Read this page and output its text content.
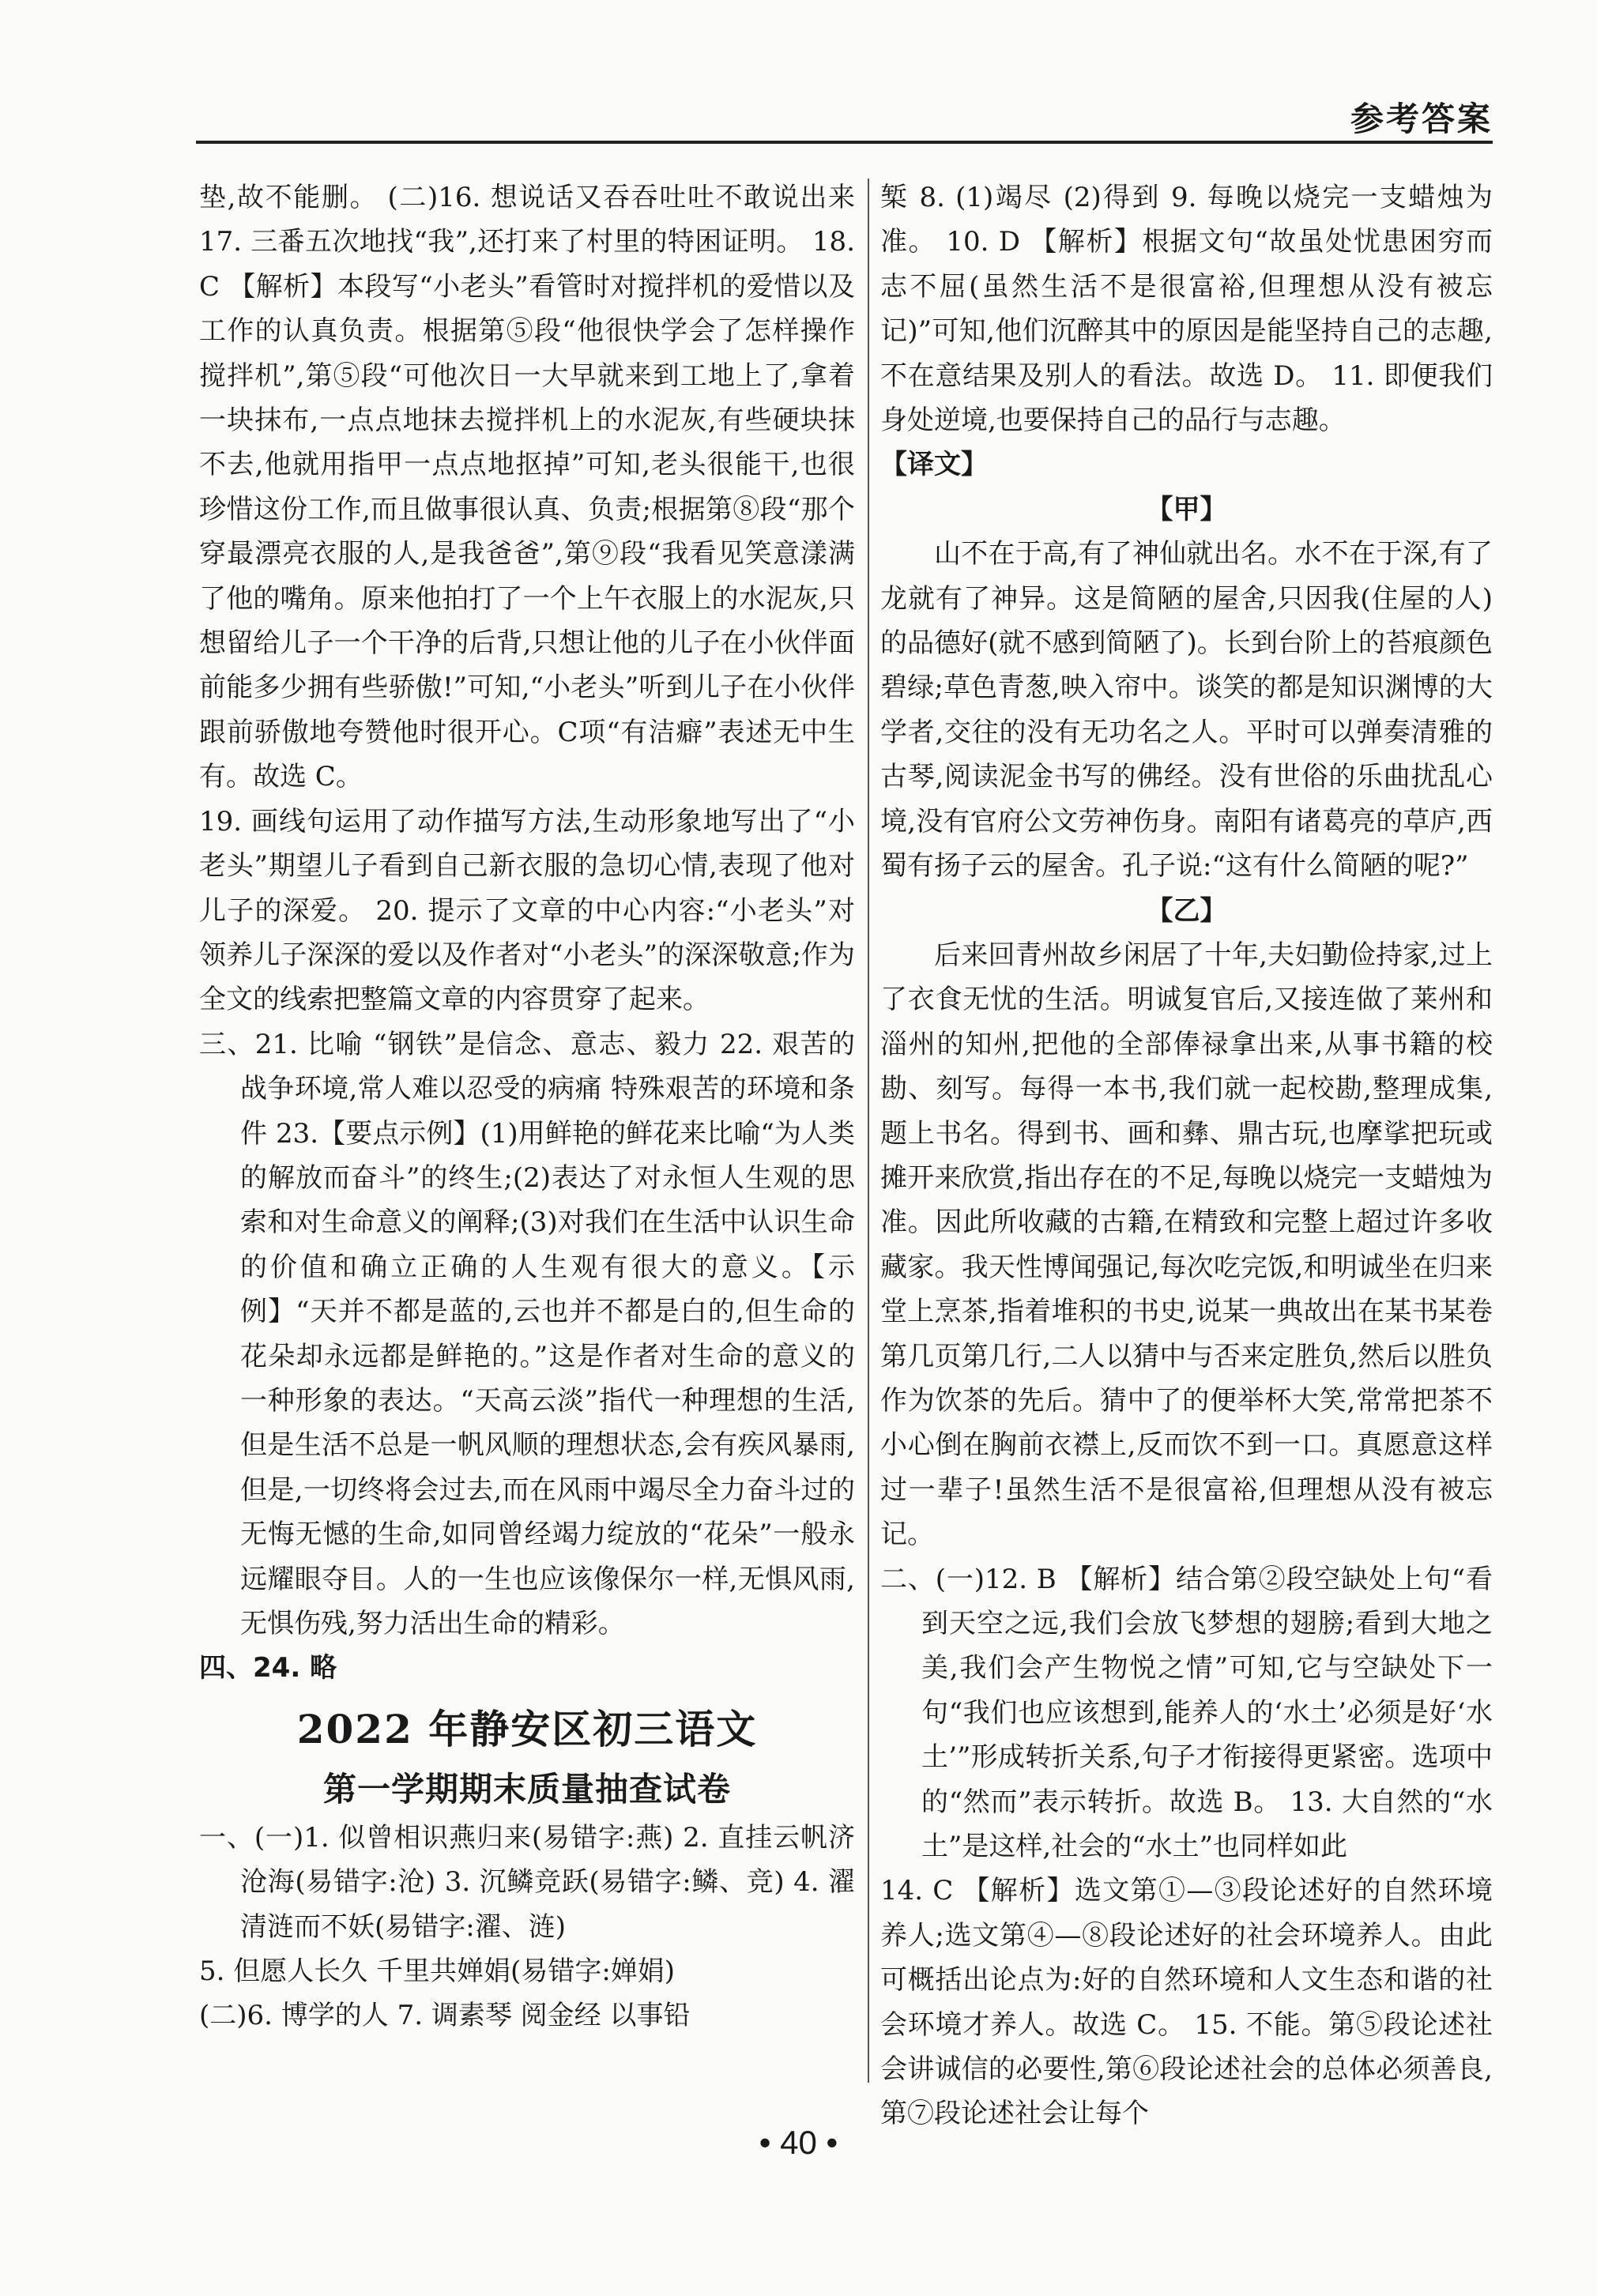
参考答案

垫,故不能删。 (二)16. 想说话又吞吞吐吐不敢说出来 17. 三番五次地找“我”,还打来了村里的特困证明。 18. C 【解析】本段写“小老头”看管时对搅拌机的爱惜以及工作的认真负责。根据第⑤段“他很快学会了怎样操作搅拌机”,第⑤段“可他次日一大早就来到工地上了,拿着一块抹布,一点点地抹去搅拌机上的水泥灰,有些硬块抹不去,他就用指甲一点点地抠掉”可知,老头很能干,也很珍惜这份工作,而且做事很认真、负责;根据第⑧段“那个穿最漂亮衣服的人,是我爸爸”,第⑨段“我看见笑意漾满了他的嘴角。原来他拍打了一个上午衣服上的水泥灰,只想留给儿子一个干净的后背,只想让他的儿子在小伙伴面前能多少拥有些骄傲!”可知,“小老头”听到儿子在小伙伴跟前骄傲地夸赞他时很开心。C项“有洁癖”表述无中生有。故选 C。

19. 画线句运用了动作描写方法,生动形象地写出了“小老头”期望儿子看到自己新衣服的急切心情,表现了他对儿子的深爱。 20. 提示了文章的中心内容:“小老头”对领养儿子深深的爱以及作者对“小老头”的深深敬意;作为全文的线索把整篇文章的内容贯穿了起来。

三、21. 比喻 “钢铁”是信念、意志、毅力 22. 艰苦的战争环境,常人难以忍受的病痛 特殊艰苦的环境和条件 23.【要点示例】(1)用鲜艳的鲜花来比喻“为人类的解放而奋斗”的终生;(2)表达了对永恒人生观的思索和对生命意义的阐释;(3)对我们在生活中认识生命的价值和确立正确的人生观有很大的意义。【示例】“天并不都是蓝的,云也并不都是白的,但生命的花朵却永远都是鲜艳的。”这是作者对生命的意义的一种形象的表达。“天高云淡”指代一种理想的生活,但是生活不总是一帆风顺的理想状态,会有疾风暴雨,但是,一切终将会过去,而在风雨中竭尽全力奋斗过的无悔无憾的生命,如同曾经竭力绽放的“花朵”一般永远耀眼夺目。人的一生也应该像保尔一样,无惧风雨,无惧伤残,努力活出生命的精彩。

四、24. 略

2022 年静安区初三语文
第一学期期末质量抽查试卷

一、(一)1. 似曾相识燕归来(易错字:燕) 2. 直挂云帆济沧海(易错字:沧) 3. 沉鳞竞跃(易错字:鳞、竞) 4. 濯清涟而不妖(易错字:濯、涟)

5. 但愿人长久 千里共婵娟(易错字:婵娟)

(二)6. 博学的人 7. 调素琴 阅金经 以事铅

椠 8. (1)竭尽 (2)得到 9. 每晚以烧完一支蜡烛为准。 10. D 【解析】根据文句“故虽处忧患困穷而志不屈(虽然生活不是很富裕,但理想从没有被忘记)”可知,他们沉醉其中的原因是能坚持自己的志趣,不在意结果及别人的看法。故选 D。 11. 即便我们身处逆境,也要保持自己的品行与志趣。

【译文】

【甲】

山不在于高,有了神仙就出名。水不在于深,有了龙就有了神异。这是简陋的屋舍,只因我(住屋的人)的品德好(就不感到简陋了)。长到台阶上的苔痕颜色碧绿;草色青葱,映入帘中。谈笑的都是知识渊博的大学者,交往的没有无功名之人。平时可以弹奏清雅的古琴,阅读泥金书写的佛经。没有世俗的乐曲扰乱心境,没有官府公文劳神伤身。南阳有诸葛亮的草庐,西蜀有扬子云的屋舍。孔子说:“这有什么简陋的呢?”

【乙】

后来回青州故乡闲居了十年,夫妇勤俭持家,过上了衣食无忧的生活。明诚复官后,又接连做了莱州和淄州的知州,把他的全部俸禄拿出来,从事书籍的校勘、刻写。每得一本书,我们就一起校勘,整理成集,题上书名。得到书、画和彝、鼎古玩,也摩挲把玩或摊开来欣赏,指出存在的不足,每晚以烧完一支蜡烛为准。因此所收藏的古籍,在精致和完整上超过许多收藏家。我天性博闻强记,每次吃完饭,和明诚坐在归来堂上烹茶,指着堆积的书史,说某一典故出在某书某卷第几页第几行,二人以猜中与否来定胜负,然后以胜负作为饮茶的先后。猜中了的便举杯大笑,常常把茶不小心倒在胸前衣襟上,反而饮不到一口。真愿意这样过一辈子!虽然生活不是很富裕,但理想从没有被忘记。

二、(一)12. B 【解析】结合第②段空缺处上句“看到天空之远,我们会放飞梦想的翅膀;看到大地之美,我们会产生物悦之情”可知,它与空缺处下一句“我们也应该想到,能养人的‘水土’必须是好‘水土’”形成转折关系,句子才衔接得更紧密。选项中的“然而”表示转折。故选 B。 13. 大自然的“水土”是这样,社会的“水土”也同样如此

14. C 【解析】选文第①—③段论述好的自然环境养人;选文第④—⑧段论述好的社会环境养人。由此可概括出论点为:好的自然环境和人文生态和谐的社会环境才养人。故选 C。 15. 不能。第⑤段论述社会讲诚信的必要性,第⑥段论述社会的总体必须善良,第⑦段论述社会让每个

• 40 •
